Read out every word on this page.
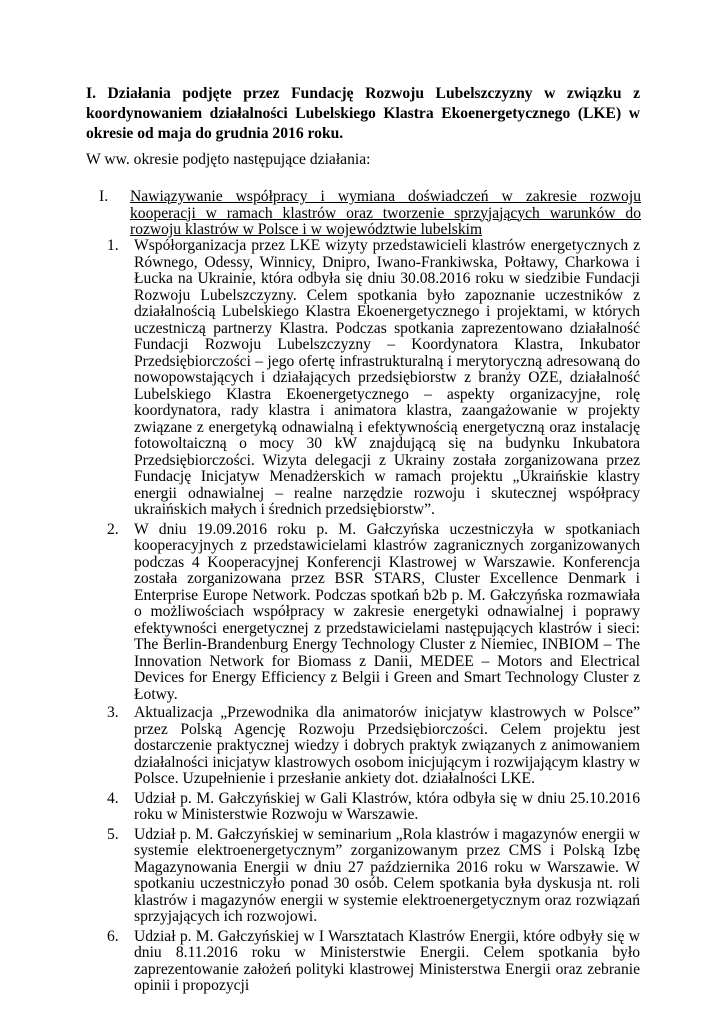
I. Działania podjęte przez Fundację Rozwoju Lubelszczyzny w związku z koordynowaniem działalności Lubelskiego Klastra Ekoenergetycznego (LKE) w okresie od maja do grudnia 2016 roku.

W ww. okresie podjęto następujące działania:

I. Nawiązywanie współpracy i wymiana doświadczeń w zakresie rozwoju kooperacji w ramach klastrów oraz tworzenie sprzyjających warunków do rozwoju klastrów w Polsce i w województwie lubelskim
1. Współorganizacja przez LKE wizyty przedstawicieli klastrów energetycznych z Równego, Odessy, Winnicy, Dnipro, Iwano-Frankiwska, Połtawy, Charkowa i Łucka na Ukrainie, która odbyła się dniu 30.08.2016 roku w siedzibie Fundacji Rozwoju Lubelszczyzny. Celem spotkania było zapoznanie uczestników z działalnością Lubelskiego Klastra Ekoenergetycznego i projektami, w których uczestniczą partnerzy Klastra. Podczas spotkania zaprezentowano działalność Fundacji Rozwoju Lubelszczyzny – Koordynatora Klastra, Inkubator Przedsiębiorczości – jego ofertę infrastrukturalną i merytoryczną adresowaną do nowopowstających i działających przedsiębiorstw z branży OZE, działalność Lubelskiego Klastra Ekoenergetycznego – aspekty organizacyjne, rolę koordynatora, rady klastra i animatora klastra, zaangażowanie w projekty związane z energetyką odnawialną i efektywnością energetyczną oraz instalację fotowoltaiczną o mocy 30 kW znajdującą się na budynku Inkubatora Przedsiębiorczości. Wizyta delegacji z Ukrainy została zorganizowana przez Fundację Inicjatyw Menadżerskich w ramach projektu „Ukraińskie klastry energii odnawialnej – realne narzędzie rozwoju i skutecznej współpracy ukraińskich małych i średnich przedsiębiorstw”.
2. W dniu 19.09.2016 roku p. M. Gałczyńska uczestniczyła w spotkaniach kooperacyjnych z przedstawicielami klastrów zagranicznych zorganizowanych podczas 4 Kooperacyjnej Konferencji Klastrowej w Warszawie. Konferencja została zorganizowana przez BSR STARS, Cluster Excellence Denmark i Enterprise Europe Network. Podczas spotkań b2b p. M. Gałczyńska rozmawiała o możliwościach współpracy w zakresie energetyki odnawialnej i poprawy efektywności energetycznej z przedstawicielami następujących klastrów i sieci: The Berlin-Brandenburg Energy Technology Cluster z Niemiec, INBIOM – The Innovation Network for Biomass z Danii, MEDEE – Motors and Electrical Devices for Energy Efficiency z Belgii i Green and Smart Technology Cluster z Łotwy.
3. Aktualizacja „Przewodnika dla animatorów inicjatyw klastrowych w Polsce” przez Polską Agencję Rozwoju Przedsiębiorczości. Celem projektu jest dostarczenie praktycznej wiedzy i dobrych praktyk związanych z animowaniem działalności inicjatyw klastrowych osobom inicjującym i rozwijającym klastry w Polsce. Uzupełnienie i przesłanie ankiety dot. działalności LKE.
4. Udział p. M. Gałczyńskiej w Gali Klastrów, która odbyła się w dniu 25.10.2016 roku w Ministerstwie Rozwoju w Warszawie.
5. Udział p. M. Gałczyńskiej w seminarium „Rola klastrów i magazynów energii w systemie elektroenergetycznym” zorganizowanym przez CMS i Polską Izbę Magazynowania Energii w dniu 27 października 2016 roku w Warszawie. W spotkaniu uczestniczyło ponad 30 osób. Celem spotkania była dyskusja nt. roli klastrów i magazynów energii w systemie elektroenergetycznym oraz rozwiązań sprzyjających ich rozwojowi.
6. Udział p. M. Gałczyńskiej w I Warsztatach Klastrów Energii, które odbyły się w dniu 8.11.2016 roku w Ministerstwie Energii. Celem spotkania było zaprezentowanie założeń polityki klastrowej Ministerstwa Energii oraz zebranie opinii i propozycji
